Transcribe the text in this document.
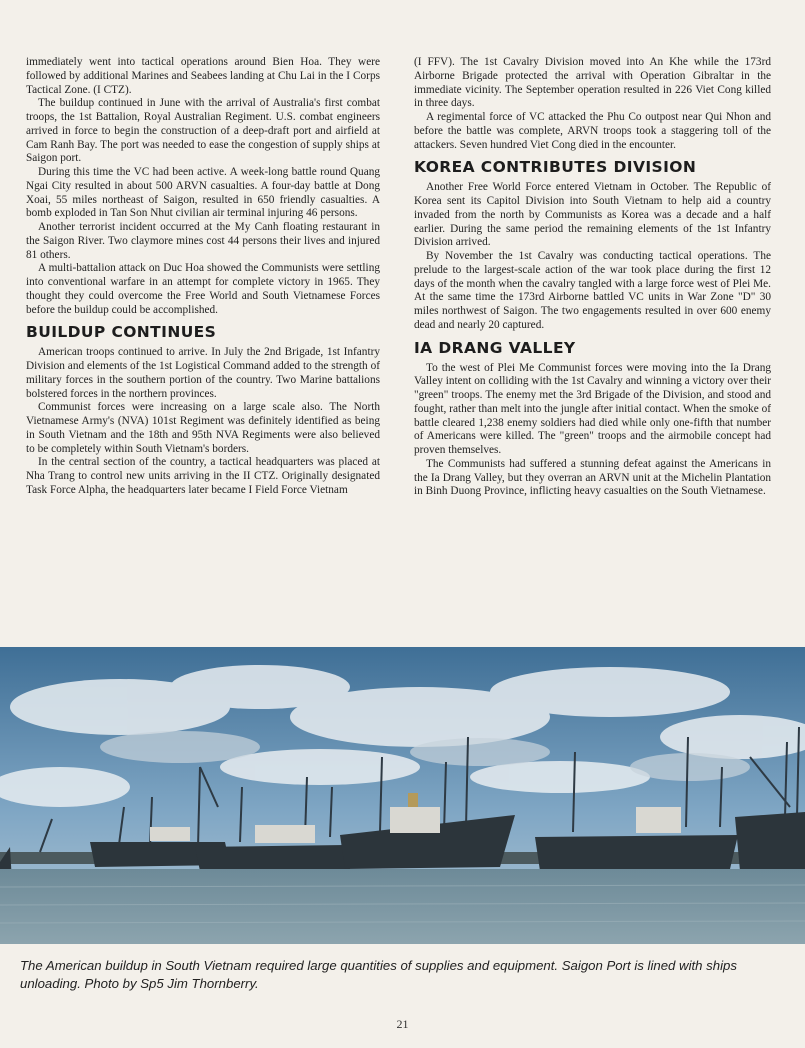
immediately went into tactical operations around Bien Hoa. They were followed by additional Marines and Seabees landing at Chu Lai in the I Corps Tactical Zone. (I CTZ).

The buildup continued in June with the arrival of Australia's first combat troops, the 1st Battalion, Royal Australian Regiment. U.S. combat engineers arrived in force to begin the construction of a deep-draft port and airfield at Cam Ranh Bay. The port was needed to ease the congestion of supply ships at Saigon port.

During this time the VC had been active. A week-long battle round Quang Ngai City resulted in about 500 ARVN casualties. A four-day battle at Dong Xoai, 55 miles northeast of Saigon, resulted in 650 friendly casualties. A bomb exploded in Tan Son Nhut civilian air terminal injuring 46 persons.

Another terrorist incident occurred at the My Canh floating restaurant in the Saigon River. Two claymore mines cost 44 persons their lives and injured 81 others.

A multi-battalion attack on Duc Hoa showed the Communists were settling into conventional warfare in an attempt for complete victory in 1965. They thought they could overcome the Free World and South Vietnamese Forces before the buildup could be accomplished.

BUILDUP CONTINUES

American troops continued to arrive. In July the 2nd Brigade, 1st Infantry Division and elements of the 1st Logistical Command added to the strength of military forces in the southern portion of the country. Two Marine battalions bolstered forces in the northern provinces.

Communist forces were increasing on a large scale also. The North Vietnamese Army's (NVA) 101st Regiment was definitely identified as being in South Vietnam and the 18th and 95th NVA Regiments were also believed to be completely within South Vietnam's borders.

In the central section of the country, a tactical headquarters was placed at Nha Trang to control new units arriving in the II CTZ. Originally designated Task Force Alpha, the headquarters later became I Field Force Vietnam

(I FFV). The 1st Cavalry Division moved into An Khe while the 173rd Airborne Brigade protected the arrival with Operation Gibraltar in the immediate vicinity. The September operation resulted in 226 Viet Cong killed in three days.

A regimental force of VC attacked the Phu Co outpost near Qui Nhon and before the battle was complete, ARVN troops took a staggering toll of the attackers. Seven hundred Viet Cong died in the encounter.

KOREA CONTRIBUTES DIVISION

Another Free World Force entered Vietnam in October. The Republic of Korea sent its Capitol Division into South Vietnam to help aid a country invaded from the north by Communists as Korea was a decade and a half earlier. During the same period the remaining elements of the 1st Infantry Division arrived.

By November the 1st Cavalry was conducting tactical operations. The prelude to the largest-scale action of the war took place during the first 12 days of the month when the cavalry tangled with a large force west of Plei Me. At the same time the 173rd Airborne battled VC units in War Zone "D" 30 miles northwest of Saigon. The two engagements resulted in over 600 enemy dead and nearly 20 captured.

IA DRANG VALLEY

To the west of Plei Me Communist forces were moving into the Ia Drang Valley intent on colliding with the 1st Cavalry and winning a victory over their "green" troops. The enemy met the 3rd Brigade of the Division, and stood and fought, rather than melt into the jungle after initial contact. When the smoke of battle cleared 1,238 enemy soldiers had died while only one-fifth that number of Americans were killed. The "green" troops and the airmobile concept had proven themselves.

The Communists had suffered a stunning defeat against the Americans in the Ia Drang Valley, but they overran an ARVN unit at the Michelin Plantation in Binh Duong Province, inflicting heavy casualties on the South Vietnamese.

The American buildup in South Vietnam required large quantities of supplies and equipment. Saigon Port is lined with ships unloading. Photo by Sp5 Jim Thornberry.
21
